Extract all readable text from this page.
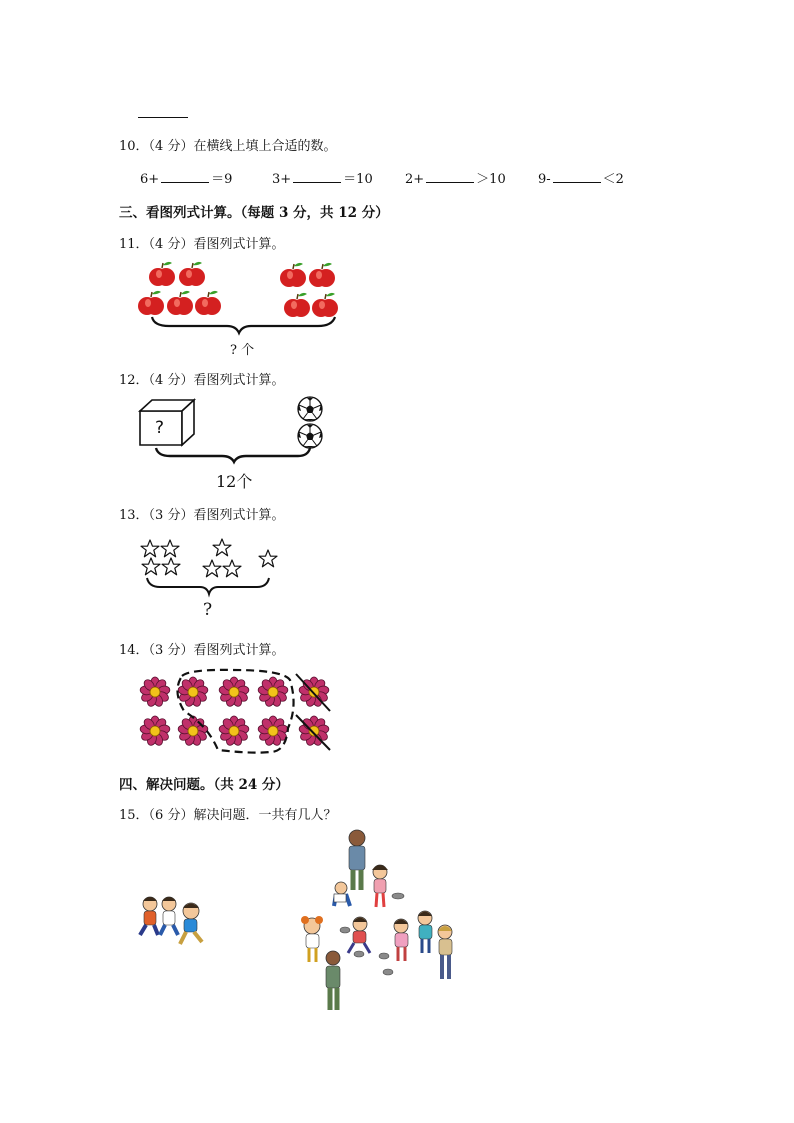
10．（4 分）在横线上填上合适的数。
6+	＝9	3+	＝10 2+	＞10 9-	＜2
三、看图列式计算。（每题 3 分，共 12 分）
11．（4 分）看图列式计算。
? 个
12．（4 分）看图列式计算。
?
12个
13．（3 分）看图列式计算。
?
14．（3 分）看图列式计算。
四、解决问题。（共 24 分）
15．（6 分）解决问题．一共有几人？
